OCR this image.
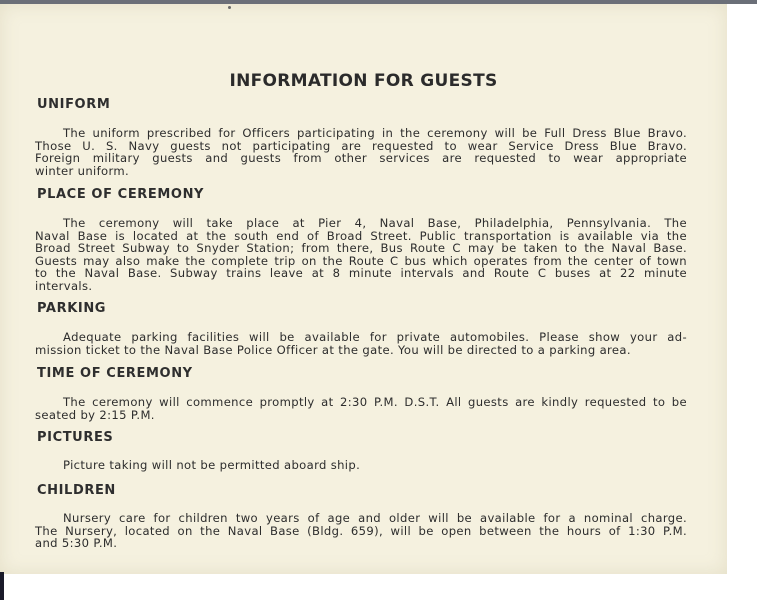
INFORMATION FOR GUESTS
UNIFORM

The uniform prescribed for Officers participating in the ceremony will be Full Dress Blue Bravo.
Those U. S. Navy guests not participating are requested to wear Service Dress Blue Bravo.
Foreign military guests and guests from other services are requested to wear appropriate
winter uniform.

PLACE OF CEREMONY

The ceremony will take place at Pier 4, Naval Base, Philadelphia, Pennsylvania. The
Naval Base is located at the south end of Broad Street. Public transportation is available via the
Broad Street Subway to Snyder Station; from there, Bus Route C may be taken to the Naval Base.
Guests may also make the complete trip on the Route C bus which operates from the center of town
to the Naval Base. Subway trains leave at 8 minute intervals and Route C buses at 22 minute
intervals.

PARKING

Adequate parking facilities will be available for private automobiles. Please show your ad-
mission ticket to the Naval Base Police Officer at the gate. You will be directed to a parking area.

TIME OF CEREMONY

The ceremony will commence promptly at 2:30 P.M. D.S.T. All guests are kindly requested to be
seated by 2:15 P.M.

PICTURES

Picture taking will not be permitted aboard ship.

CHILDREN

Nursery care for children two years of age and older will be available for a nominal charge.
The Nursery, located on the Naval Base (Bldg. 659), will be open between the hours of 1:30 P.M.
and 5:30 P.M.
